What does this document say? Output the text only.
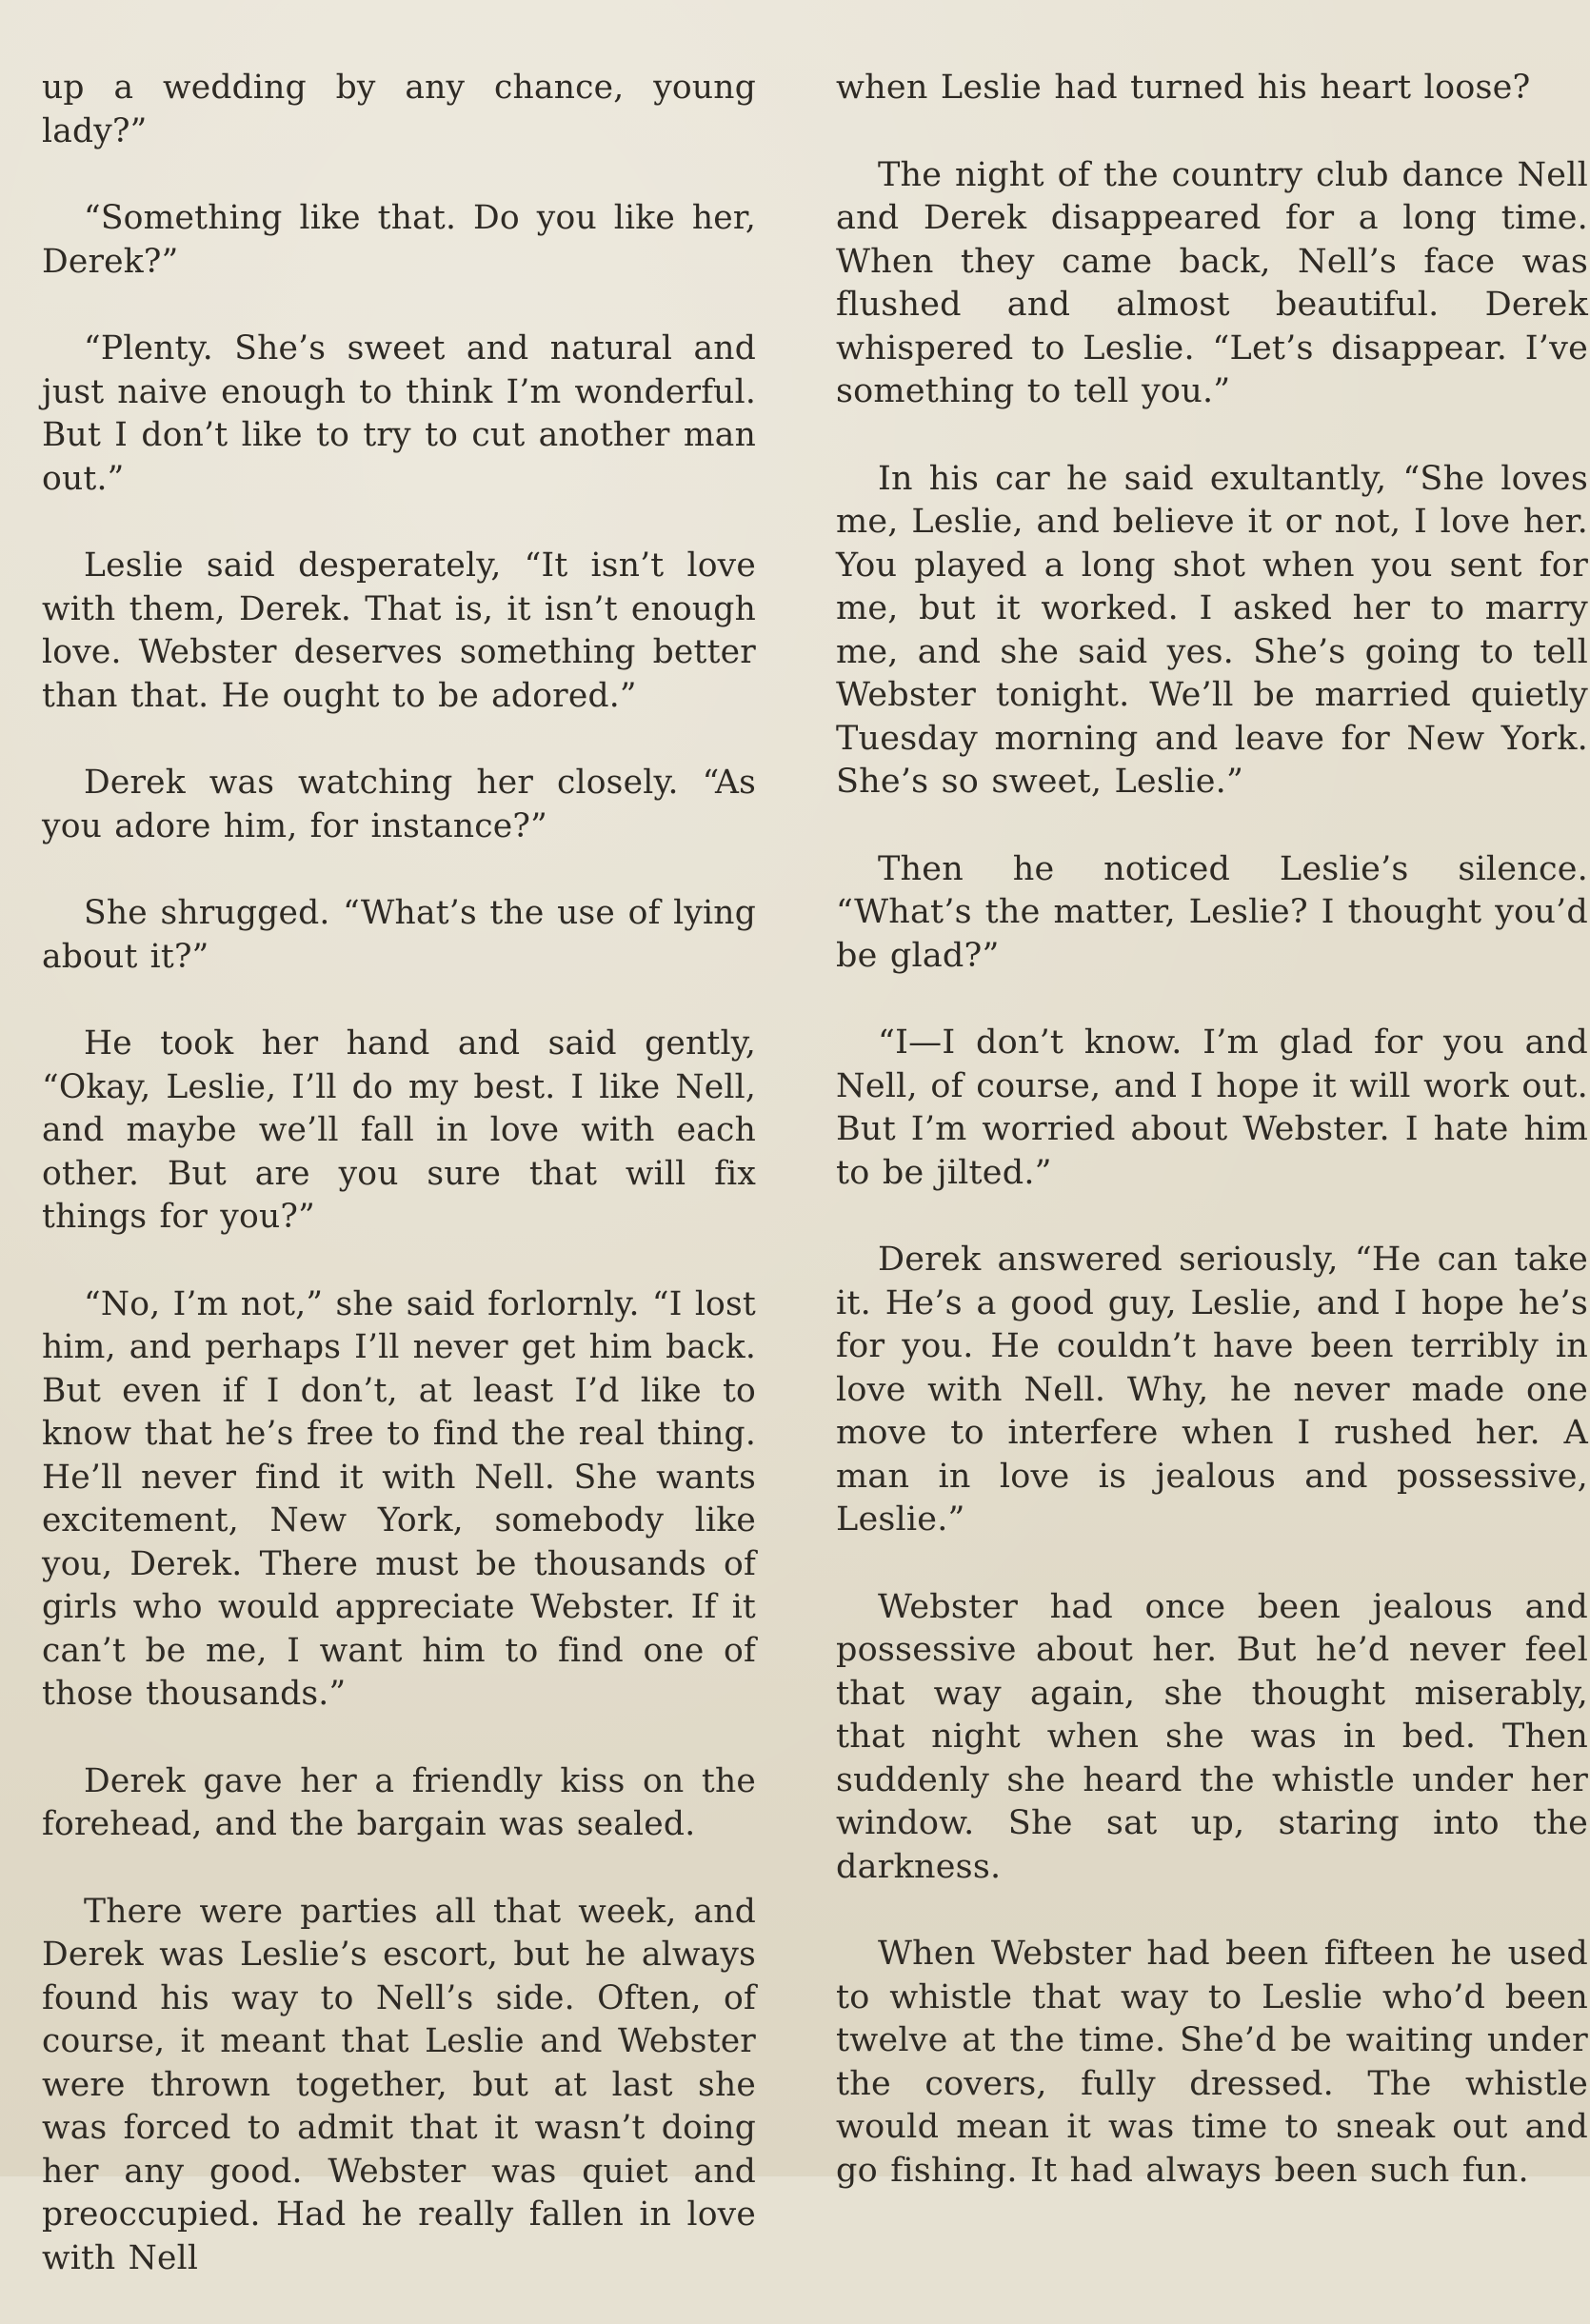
up a wedding by any chance, young lady?”

“Something like that. Do you like her, Derek?”

“Plenty. She’s sweet and natural and just naive enough to think I’m wonderful. But I don’t like to try to cut another man out.”

Leslie said desperately, “It isn’t love with them, Derek. That is, it isn’t enough love. Webster deserves something better than that. He ought to be adored.”

Derek was watching her closely. “As you adore him, for instance?”

She shrugged. “What’s the use of lying about it?”

He took her hand and said gently, “Okay, Leslie, I’ll do my best. I like Nell, and maybe we’ll fall in love with each other. But are you sure that will fix things for you?”

“No, I’m not,” she said forlornly. “I lost him, and perhaps I’ll never get him back. But even if I don’t, at least I’d like to know that he’s free to find the real thing. He’ll never find it with Nell. She wants excitement, New York, somebody like you, Derek. There must be thousands of girls who would appreciate Webster. If it can’t be me, I want him to find one of those thousands.”

Derek gave her a friendly kiss on the forehead, and the bargain was sealed.

There were parties all that week, and Derek was Leslie’s escort, but he always found his way to Nell’s side. Often, of course, it meant that Leslie and Webster were thrown together, but at last she was forced to admit that it wasn’t doing her any good. Webster was quiet and preoccupied. Had he really fallen in love with Nell

when Leslie had turned his heart loose?

The night of the country club dance Nell and Derek disappeared for a long time. When they came back, Nell’s face was flushed and almost beautiful. Derek whispered to Leslie. “Let’s disappear. I’ve something to tell you.”

In his car he said exultantly, “She loves me, Leslie, and believe it or not, I love her. You played a long shot when you sent for me, but it worked. I asked her to marry me, and she said yes. She’s going to tell Webster tonight. We’ll be married quietly Tuesday morning and leave for New York. She’s so sweet, Leslie.”

Then he noticed Leslie’s silence. “What’s the matter, Leslie? I thought you’d be glad?”

“I—I don’t know. I’m glad for you and Nell, of course, and I hope it will work out. But I’m worried about Webster. I hate him to be jilted.”

Derek answered seriously, “He can take it. He’s a good guy, Leslie, and I hope he’s for you. He couldn’t have been terribly in love with Nell. Why, he never made one move to interfere when I rushed her. A man in love is jealous and possessive, Leslie.”

Webster had once been jealous and possessive about her. But he’d never feel that way again, she thought miserably, that night when she was in bed. Then suddenly she heard the whistle under her window. She sat up, staring into the darkness.

When Webster had been fifteen he used to whistle that way to Leslie who’d been twelve at the time. She’d be waiting under the covers, fully dressed. The whistle would mean it was time to sneak out and go fishing. It had always been such fun.
